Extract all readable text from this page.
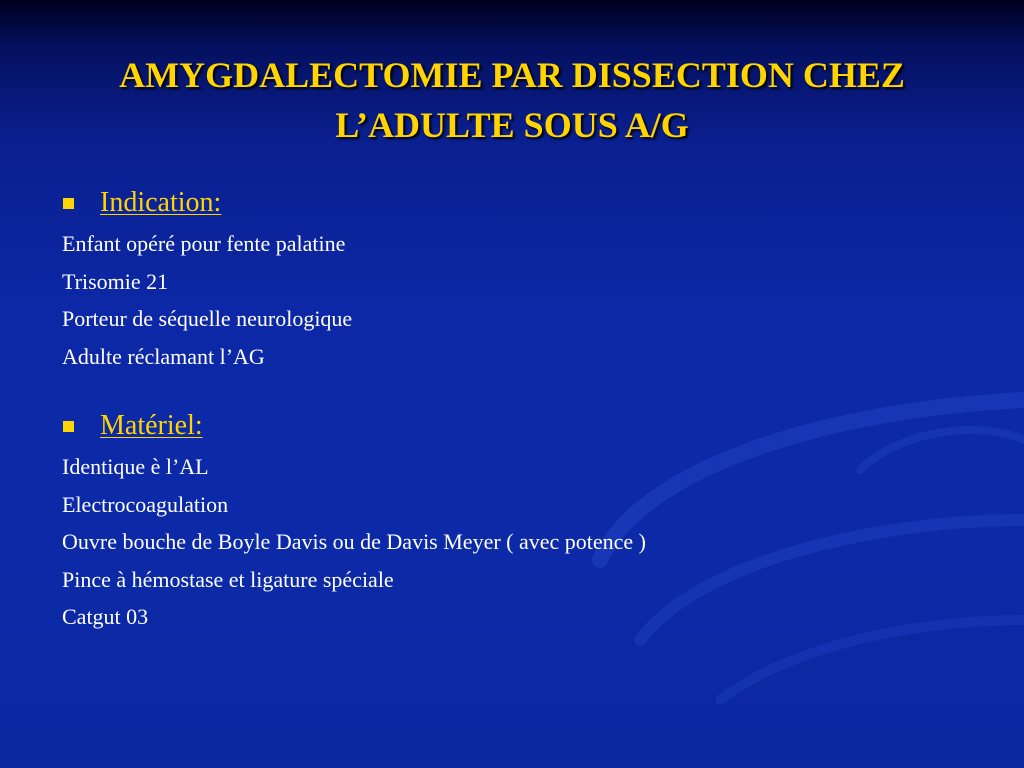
AMYGDALECTOMIE PAR DISSECTION CHEZ
L’ADULTE SOUS A/G
Indication:
Enfant opéré pour fente palatine
Trisomie 21
Porteur de séquelle neurologique
Adulte réclamant l’AG
Matériel:
Identique è l’AL
Electrocoagulation
Ouvre bouche de Boyle Davis ou de Davis Meyer ( avec potence )
Pince à hémostase et ligature spéciale
Catgut 03
